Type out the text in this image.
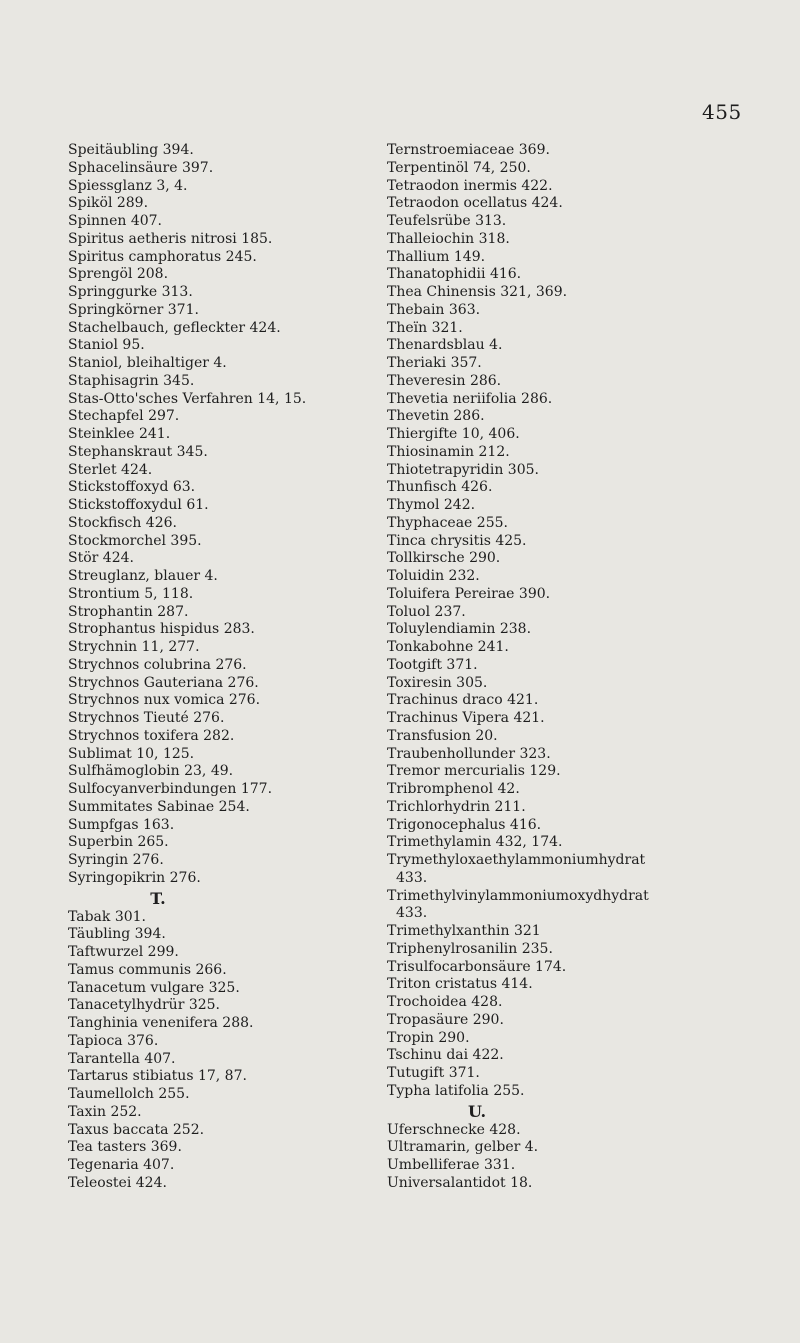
455
Speitäubling 394.
Sphacelinsäure 397.
Spiessglanz 3, 4.
Spiköl 289.
Spinnen 407.
Spiritus aetheris nitrosi 185.
Spiritus camphoratus 245.
Sprengöl 208.
Springgurke 313.
Springkörner 371.
Stachelbauch, gefleckter 424.
Staniol 95.
Staniol, bleihaltiger 4.
Staphisagrin 345.
Stas-Otto'sches Verfahren 14, 15.
Stechapfel 297.
Steinklee 241.
Stephanskraut 345.
Sterlet 424.
Stickstoffoxyd 63.
Stickstoffoxydul 61.
Stockfisch 426.
Stockmorchel 395.
Stör 424.
Streuglanz, blauer 4.
Strontium 5, 118.
Strophantin 287.
Strophantus hispidus 283.
Strychnin 11, 277.
Strychnos colubrina 276.
Strychnos Gauteriana 276.
Strychnos nux vomica 276.
Strychnos Tieuté 276.
Strychnos toxifera 282.
Sublimat 10, 125.
Sulfhämoglobin 23, 49.
Sulfocyanverbindungen 177.
Summitates Sabinae 254.
Sumpfgas 163.
Superbin 265.
Syringin 276.
Syringopikrin 276.
T.
Tabak 301.
Täubling 394.
Taftwurzel 299.
Tamus communis 266.
Tanacetum vulgare 325.
Tanacetylhydrür 325.
Tanghinia venenifera 288.
Tapioca 376.
Tarantella 407.
Tartarus stibiatus 17, 87.
Taumellolch 255.
Taxin 252.
Taxus baccata 252.
Tea tasters 369.
Tegenaria 407.
Teleostei 424.
Ternstroemiaceae 369.
Terpentinöl 74, 250.
Tetraodon inermis 422.
Tetraodon ocellatus 424.
Teufelsrübe 313.
Thalleiochin 318.
Thallium 149.
Thanatophidii 416.
Thea Chinensis 321, 369.
Thebain 363.
Theïn 321.
Thenardsblau 4.
Theriaki 357.
Theveresin 286.
Thevetia neriifolia 286.
Thevetin 286.
Thiergifte 10, 406.
Thiosinamin 212.
Thiotetrapyridin 305.
Thunfisch 426.
Thymol 242.
Thyphaceae 255.
Tinca chrysitis 425.
Tollkirsche 290.
Toluidin 232.
Toluifera Pereirae 390.
Toluol 237.
Toluylendiamin 238.
Tonkabohne 241.
Tootgift 371.
Toxiresin 305.
Trachinus draco 421.
Trachinus Vipera 421.
Transfusion 20.
Traubenhollunder 323.
Tremor mercurialis 129.
Tribromphenol 42.
Trichlorhydrin 211.
Trigonocephalus 416.
Trimethylamin 432, 174.
Trymethyloxaethylammoniumhydrat
433.
Trimethylvinylammoniumoxydhydrat
433.
Trimethylxanthin 321
Triphenylrosanilin 235.
Trisulfocarbonsäure 174.
Triton cristatus 414.
Trochoidea 428.
Tropasäure 290.
Tropin 290.
Tschinu dai 422.
Tutugift 371.
Typha latifolia 255.
U.
Uferschnecke 428.
Ultramarin, gelber 4.
Umbelliferae 331.
Universalantidot 18.
